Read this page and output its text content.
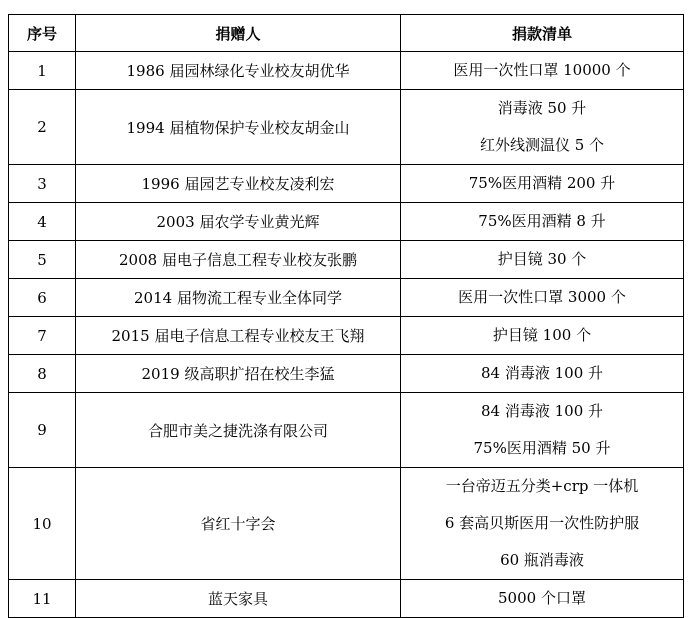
序号	捐赠人	捐款清单
1	1986 届园林绿化专业校友胡优华	医用一次性口罩 10000 个

2	1994 届植物保护专业校友胡金山	消毒液 50 升
红外线测温仪 5 个

3	1996 届园艺专业校友凌利宏	75%医用酒精 200 升

4	2003 届农学专业黄光辉	75%医用酒精 8 升

5	2008 届电子信息工程专业校友张鹏	护目镜 30 个

6	2014 届物流工程专业全体同学	医用一次性口罩 3000 个

7	2015 届电子信息工程专业校友王飞翔	护目镜 100 个

8	2019 级高职扩招在校生李猛	84 消毒液 100 升

9	合肥市美之捷洗涤有限公司	84 消毒液 100 升
75%医用酒精 50 升

10	省红十字会	一台帝迈五分类+crp 一体机
6 套高贝斯医用一次性防护服
60 瓶消毒液

11	蓝天家具	5000 个口罩
